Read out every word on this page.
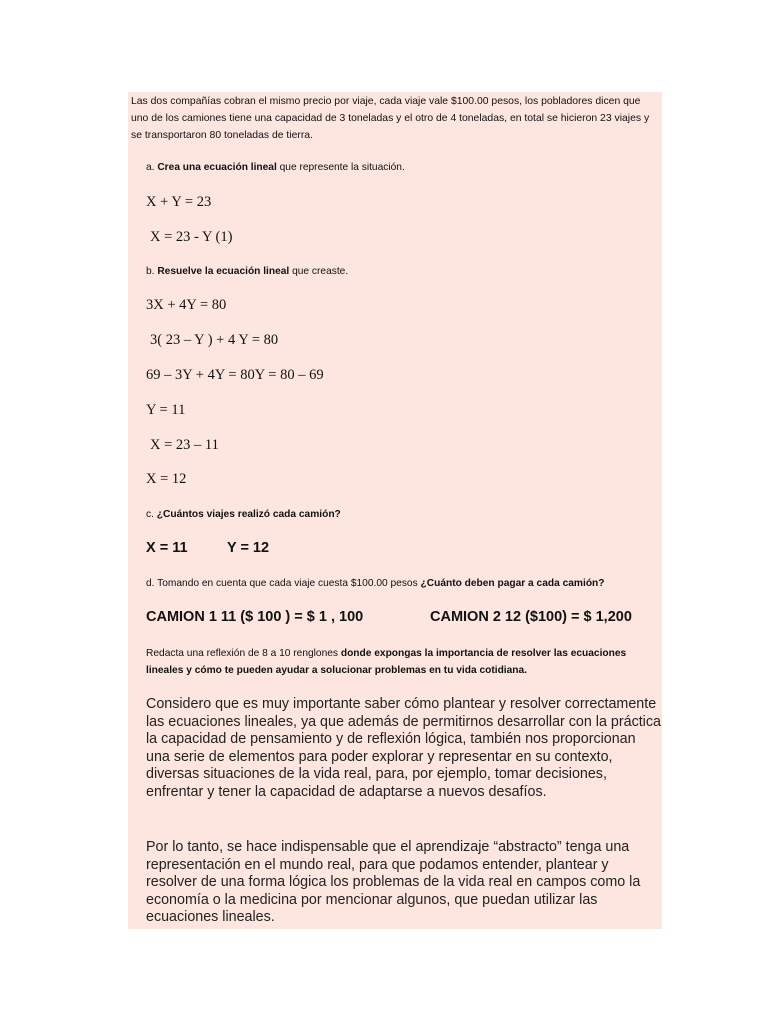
Las dos compañías cobran el mismo precio por viaje, cada viaje vale $100.00 pesos, los pobladores dicen que uno de los camiones tiene una capacidad de 3 toneladas y el otro de 4 toneladas, en total se hicieron 23 viajes y se transportaron 80 toneladas de tierra.

a. Crea una ecuación lineal que represente la situación.

X + Y = 23

X = 23 - Y (1)

b. Resuelve la ecuación lineal que creaste.

3X + 4Y = 80

3( 23 – Y ) + 4 Y = 80

69 – 3Y + 4Y = 80Y = 80 – 69

Y = 11

X = 23 – 11

X = 12

c. ¿Cuántos viajes realizó cada camión?

X = 11	Y = 12

d. Tomando en cuenta que cada viaje cuesta $100.00 pesos ¿Cuánto deben pagar a cada camión?

CAMION 1 11 ($ 100 ) = $ 1 , 100	CAMION 2 12 ($100) = $ 1,200

Redacta una reflexión de 8 a 10 renglones donde expongas la importancia de resolver las ecuaciones lineales y cómo te pueden ayudar a solucionar problemas en tu vida cotidiana.

Considero que es muy importante saber cómo plantear y resolver correctamente las ecuaciones lineales, ya que además de permitirnos desarrollar con la práctica la capacidad de pensamiento y de reflexión lógica, también nos proporcionan una serie de elementos para poder explorar y representar en su contexto, diversas situaciones de la vida real, para, por ejemplo, tomar decisiones, enfrentar y tener la capacidad de adaptarse a nuevos desafíos.

Por lo tanto, se hace indispensable que el aprendizaje “abstracto” tenga una representación en el mundo real, para que podamos entender, plantear y resolver de una forma lógica los problemas de la vida real en campos como la economía o la medicina por mencionar algunos, que puedan utilizar las ecuaciones lineales.
